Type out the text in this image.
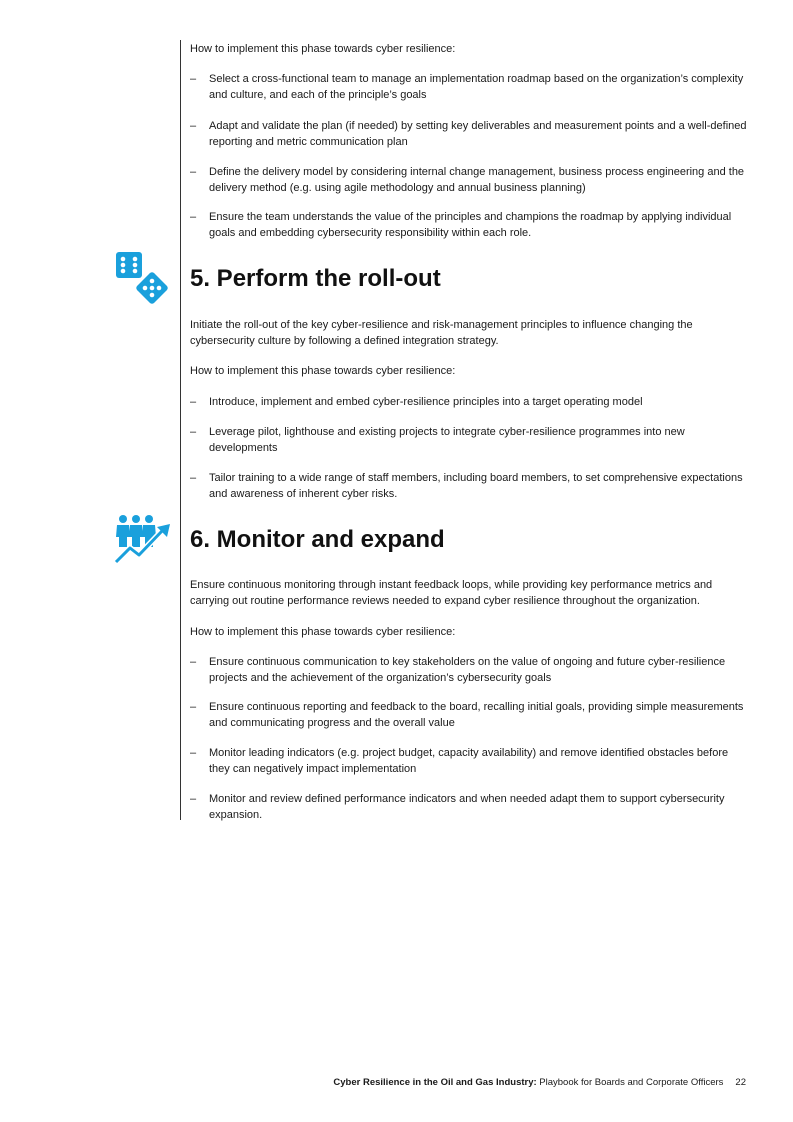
How to implement this phase towards cyber resilience:

– Select a cross-functional team to manage an implementation roadmap based on the organization’s complexity and culture, and each of the principle’s goals
– Adapt and validate the plan (if needed) by setting key deliverables and measurement points and a well-defined reporting and metric communication plan
– Define the delivery model by considering internal change management, business process engineering and the delivery method (e.g. using agile methodology and annual business planning)
– Ensure the team understands the value of the principles and champions the roadmap by applying individual goals and embedding cybersecurity responsibility within each role.
5. Perform the roll-out

Initiate the roll-out of the key cyber-resilience and risk-management principles to influence changing the cybersecurity culture by following a defined integration strategy.

How to implement this phase towards cyber resilience:

– Introduce, implement and embed cyber-resilience principles into a target operating model
– Leverage pilot, lighthouse and existing projects to integrate cyber-resilience programmes into new developments
– Tailor training to a wide range of staff members, including board members, to set comprehensive expectations and awareness of inherent cyber risks.
6. Monitor and expand

Ensure continuous monitoring through instant feedback loops, while providing key performance metrics and carrying out routine performance reviews needed to expand cyber resilience throughout the organization.

How to implement this phase towards cyber resilience:

– Ensure continuous communication to key stakeholders on the value of ongoing and future cyber-resilience projects and the achievement of the organization’s cybersecurity goals
– Ensure continuous reporting and feedback to the board, recalling initial goals, providing simple measurements and communicating progress and the overall value
– Monitor leading indicators (e.g. project budget, capacity availability) and remove identified obstacles before they can negatively impact implementation
– Monitor and review defined performance indicators and when needed adapt them to support cybersecurity expansion.
Cyber Resilience in the Oil and Gas Industry: Playbook for Boards and Corporate Officers 22
